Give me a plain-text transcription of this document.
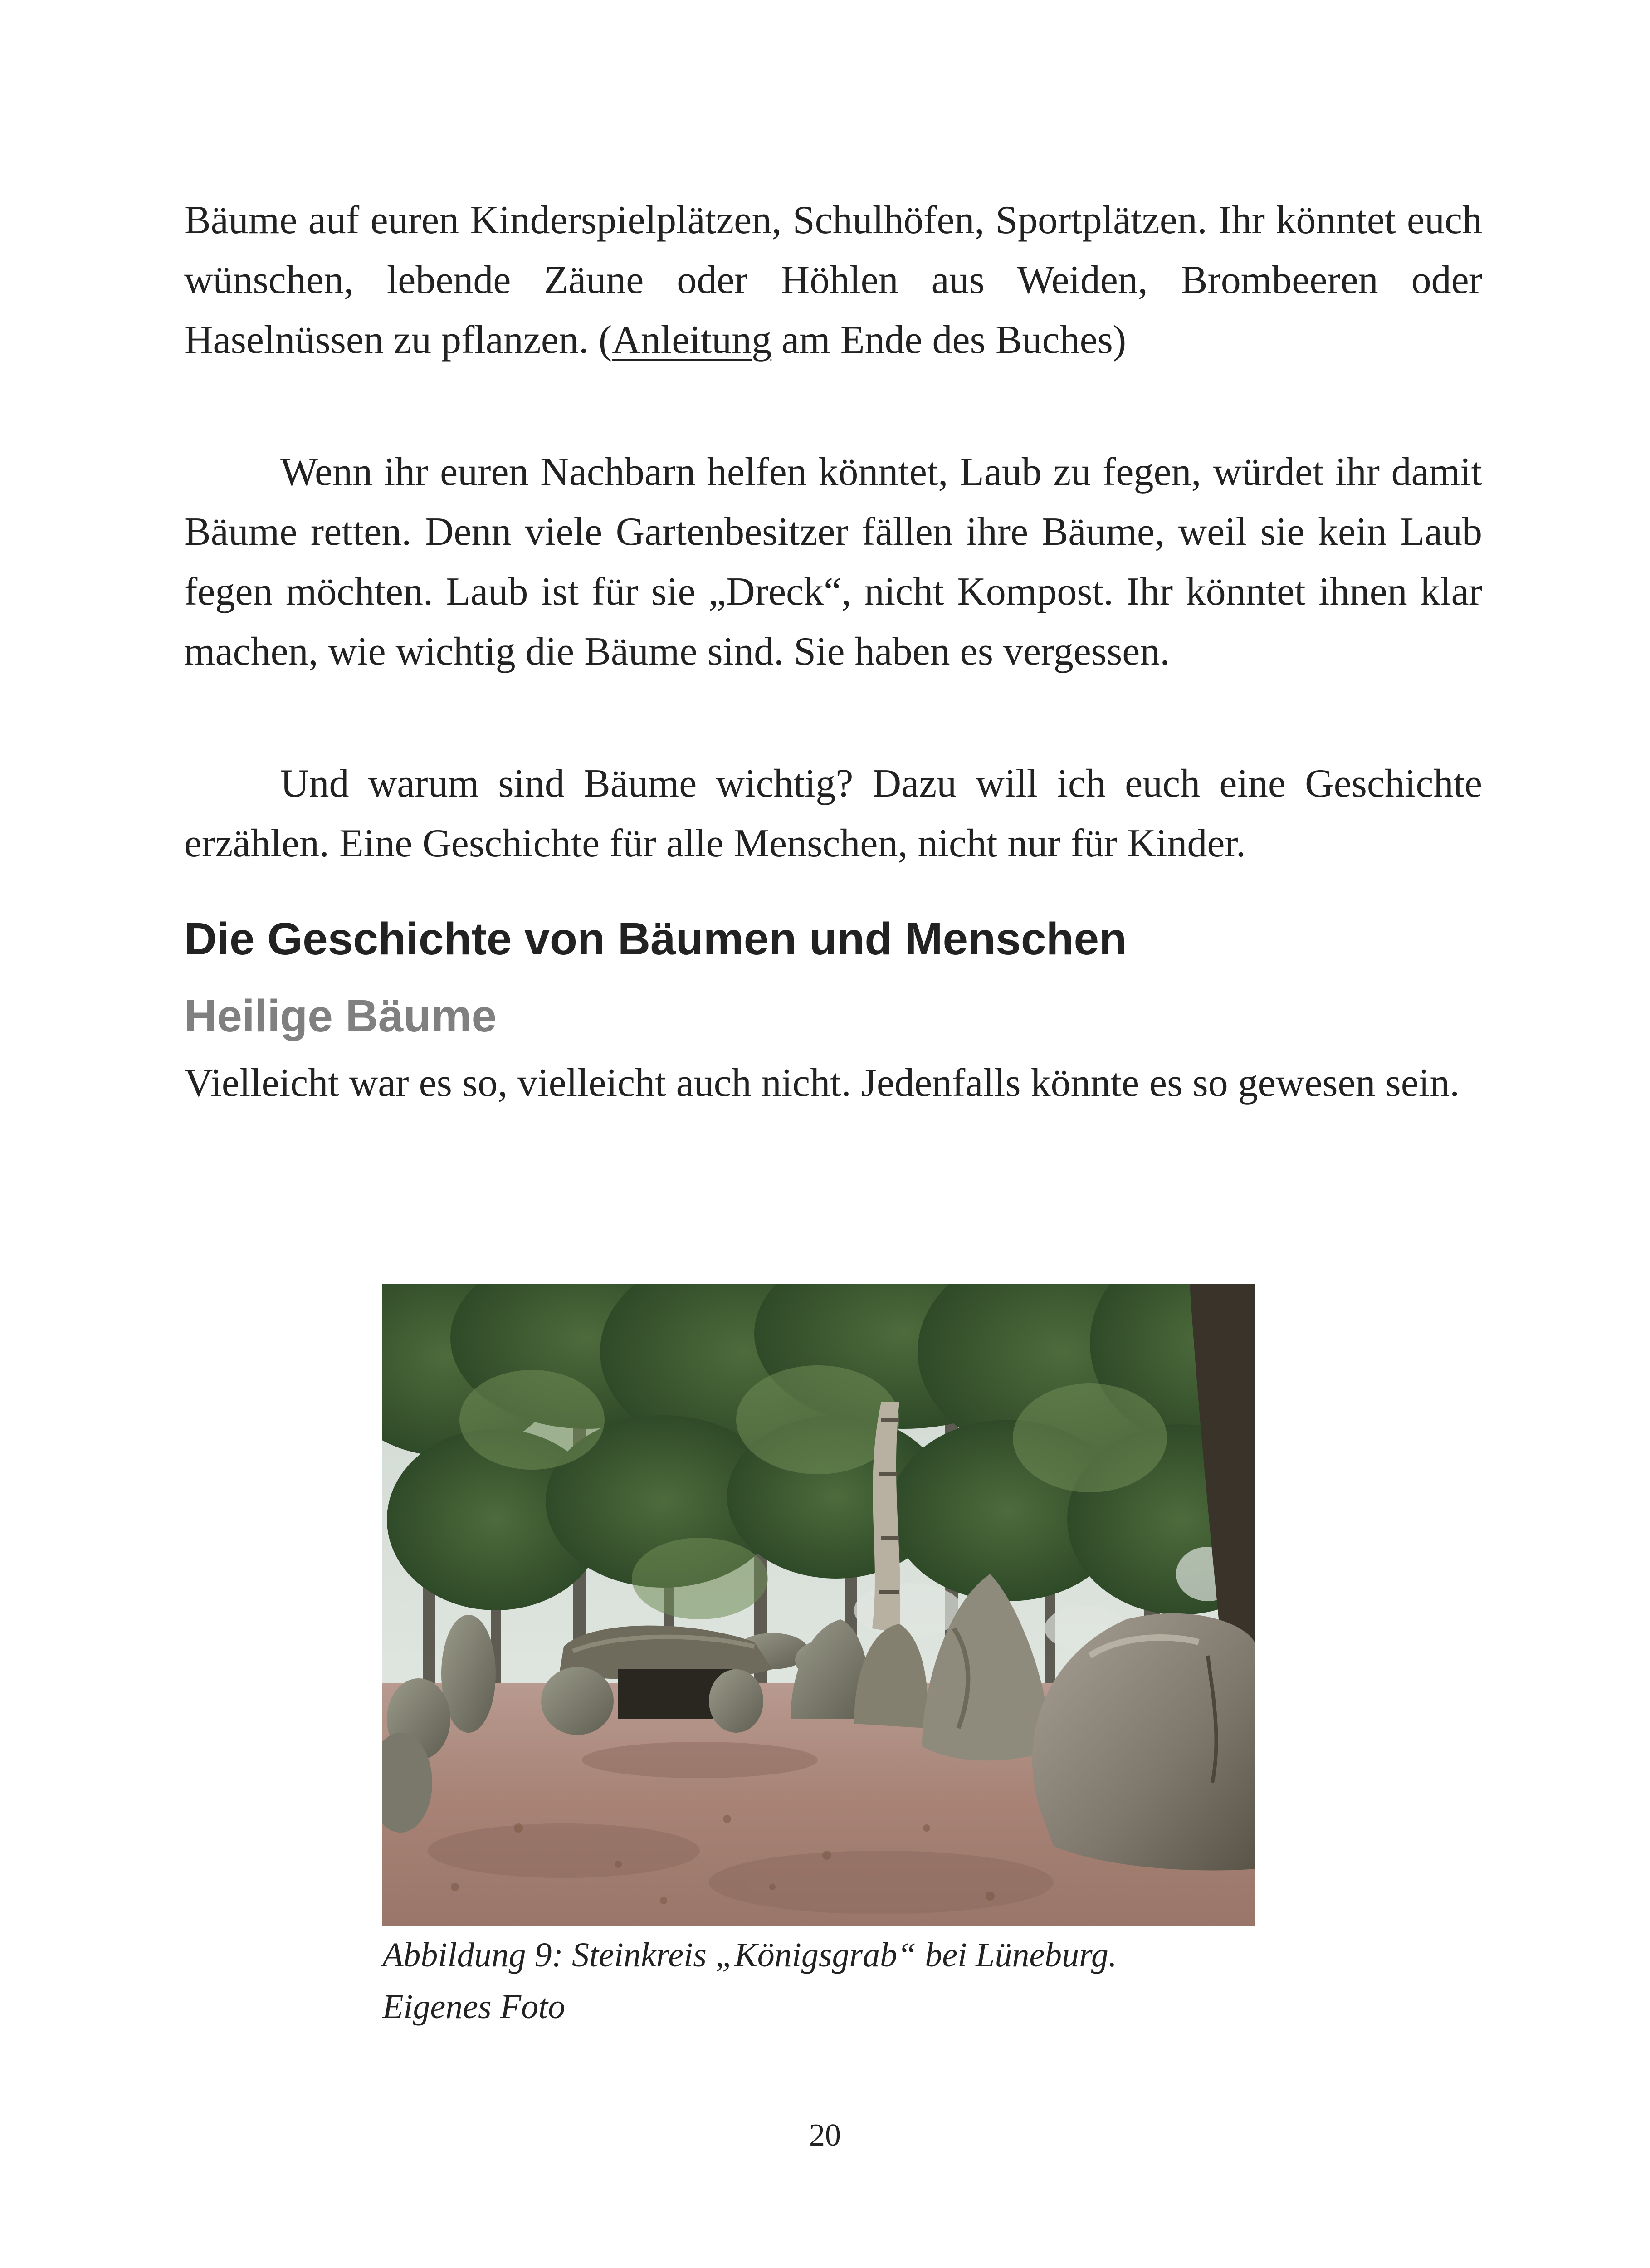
Bäume auf euren Kinderspielplätzen, Schulhöfen, Sportplätzen. Ihr könntet euch wünschen, lebende Zäune oder Höhlen aus Weiden, Brombeeren oder Haselnüssen zu pflanzen. (Anleitung am Ende des Buches)

Wenn ihr euren Nachbarn helfen könntet, Laub zu fegen, würdet ihr damit Bäume retten. Denn viele Gartenbesitzer fällen ihre Bäume, weil sie kein Laub fegen möchten. Laub ist für sie „Dreck“, nicht Kompost. Ihr könntet ihnen klar machen, wie wichtig die Bäume sind. Sie haben es vergessen.

Und warum sind Bäume wichtig? Dazu will ich euch eine Geschichte erzählen. Eine Geschichte für alle Menschen, nicht nur für Kinder.

Die Geschichte von Bäumen und Menschen
Heilige Bäume

Vielleicht war es so, vielleicht auch nicht. Jedenfalls könnte es so gewesen sein.

Abbildung 9: Steinkreis „Königsgrab“ bei Lüneburg.
Eigenes Foto
20
